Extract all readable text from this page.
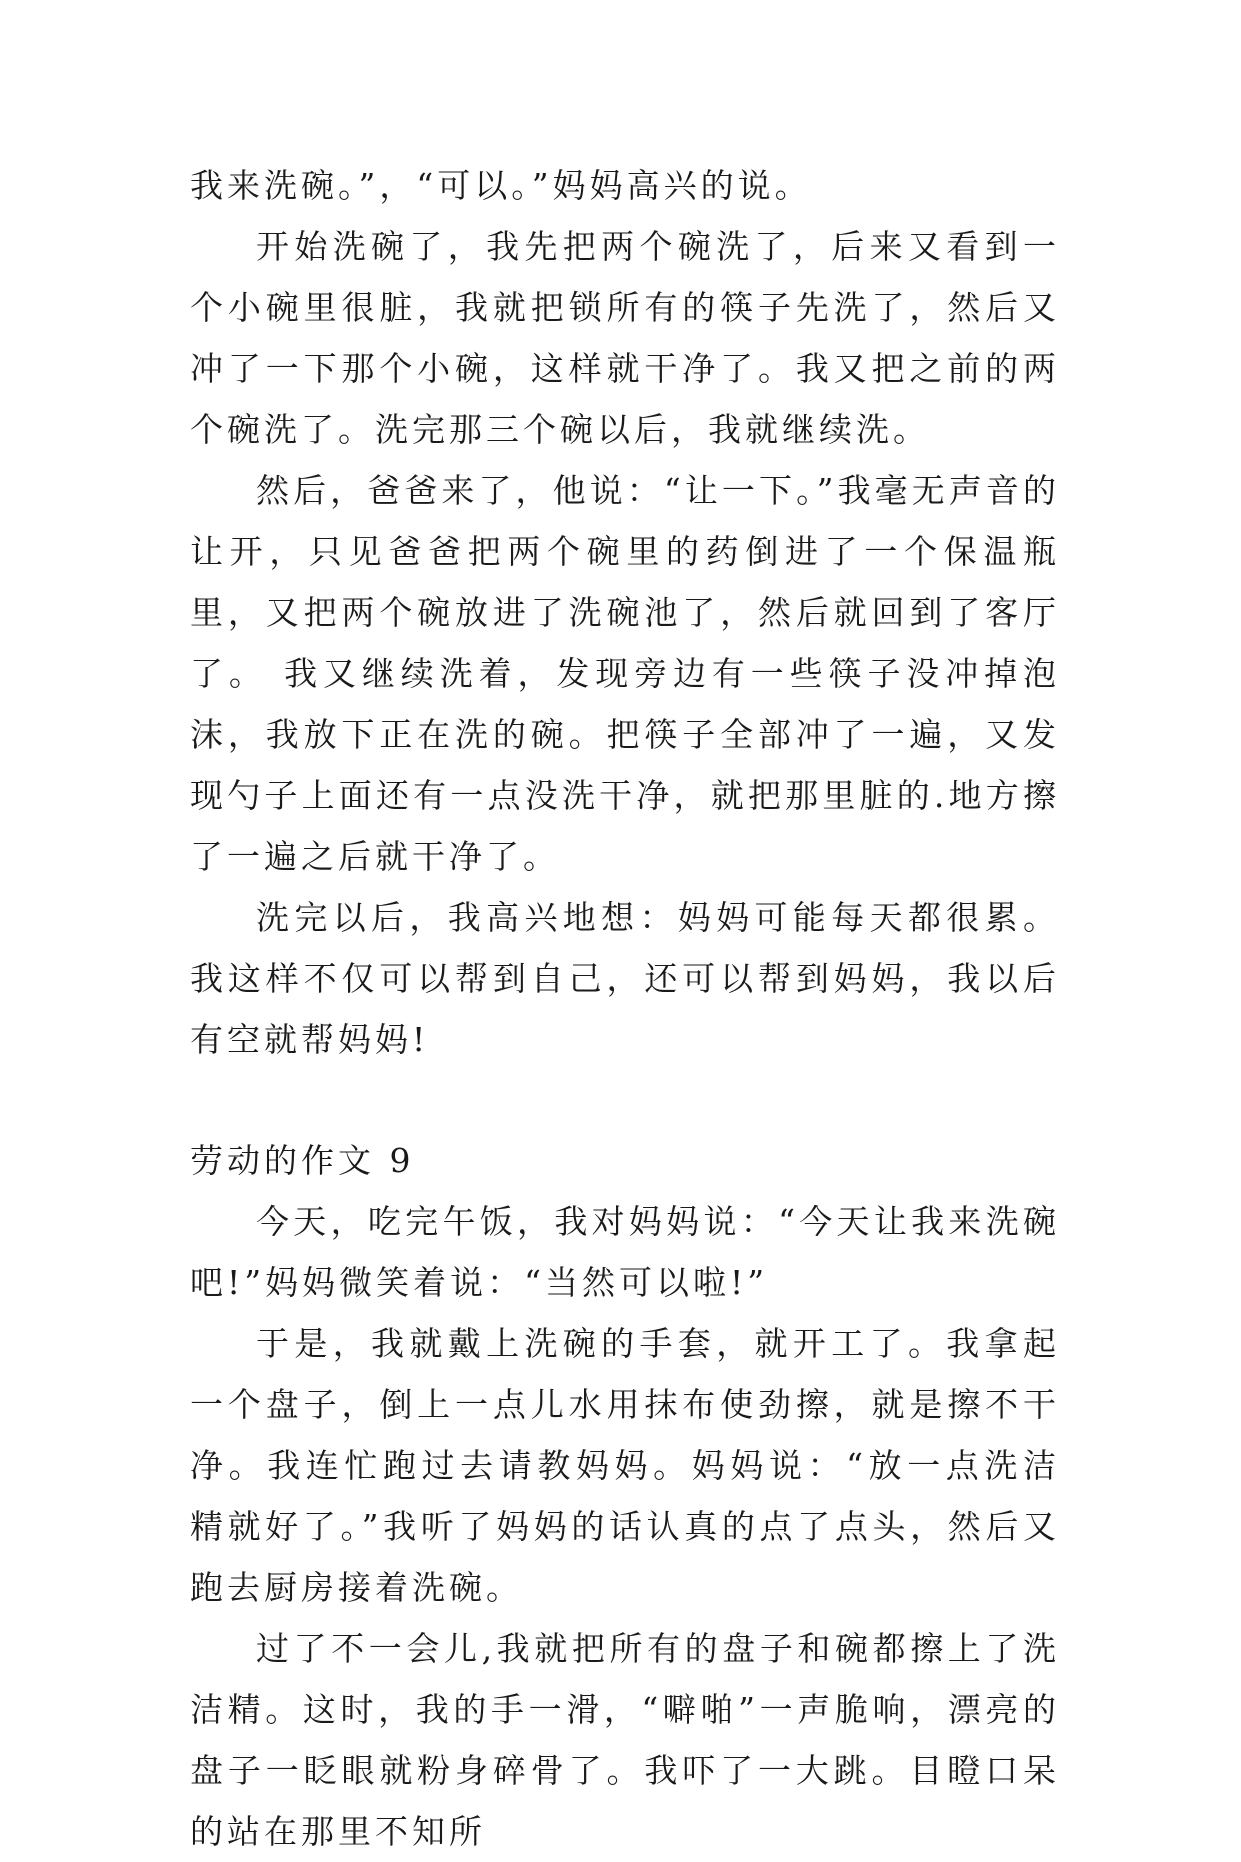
我来洗碗。”，“可以。”妈妈高兴的说。

开始洗碗了，我先把两个碗洗了，后来又看到一个小碗里很脏，我就把锁所有的筷子先洗了，然后又冲了一下那个小碗，这样就干净了。我又把之前的两个碗洗了。洗完那三个碗以后，我就继续洗。

然后，爸爸来了，他说：“让一下。”我毫无声音的让开，只见爸爸把两个碗里的药倒进了一个保温瓶里，又把两个碗放进了洗碗池了，然后就回到了客厅了。 我又继续洗着，发现旁边有一些筷子没冲掉泡沫，我放下正在洗的碗。把筷子全部冲了一遍，又发现勺子上面还有一点没洗干净，就把那里脏的.地方擦了一遍之后就干净了。

洗完以后，我高兴地想：妈妈可能每天都很累。我这样不仅可以帮到自己，还可以帮到妈妈，我以后有空就帮妈妈!

劳动的作文 9

今天，吃完午饭，我对妈妈说：“今天让我来洗碗吧!”妈妈微笑着说：“当然可以啦!”

于是，我就戴上洗碗的手套，就开工了。我拿起一个盘子，倒上一点儿水用抹布使劲擦，就是擦不干净。我连忙跑过去请教妈妈。妈妈说：“放一点洗洁精就好了。”我听了妈妈的话认真的点了点头，然后又跑去厨房接着洗碗。

过了不一会儿,我就把所有的盘子和碗都擦上了洗洁精。这时，我的手一滑，“噼啪”一声脆响，漂亮的盘子一眨眼就粉身碎骨了。我吓了一大跳。目瞪口呆的站在那里不知所
